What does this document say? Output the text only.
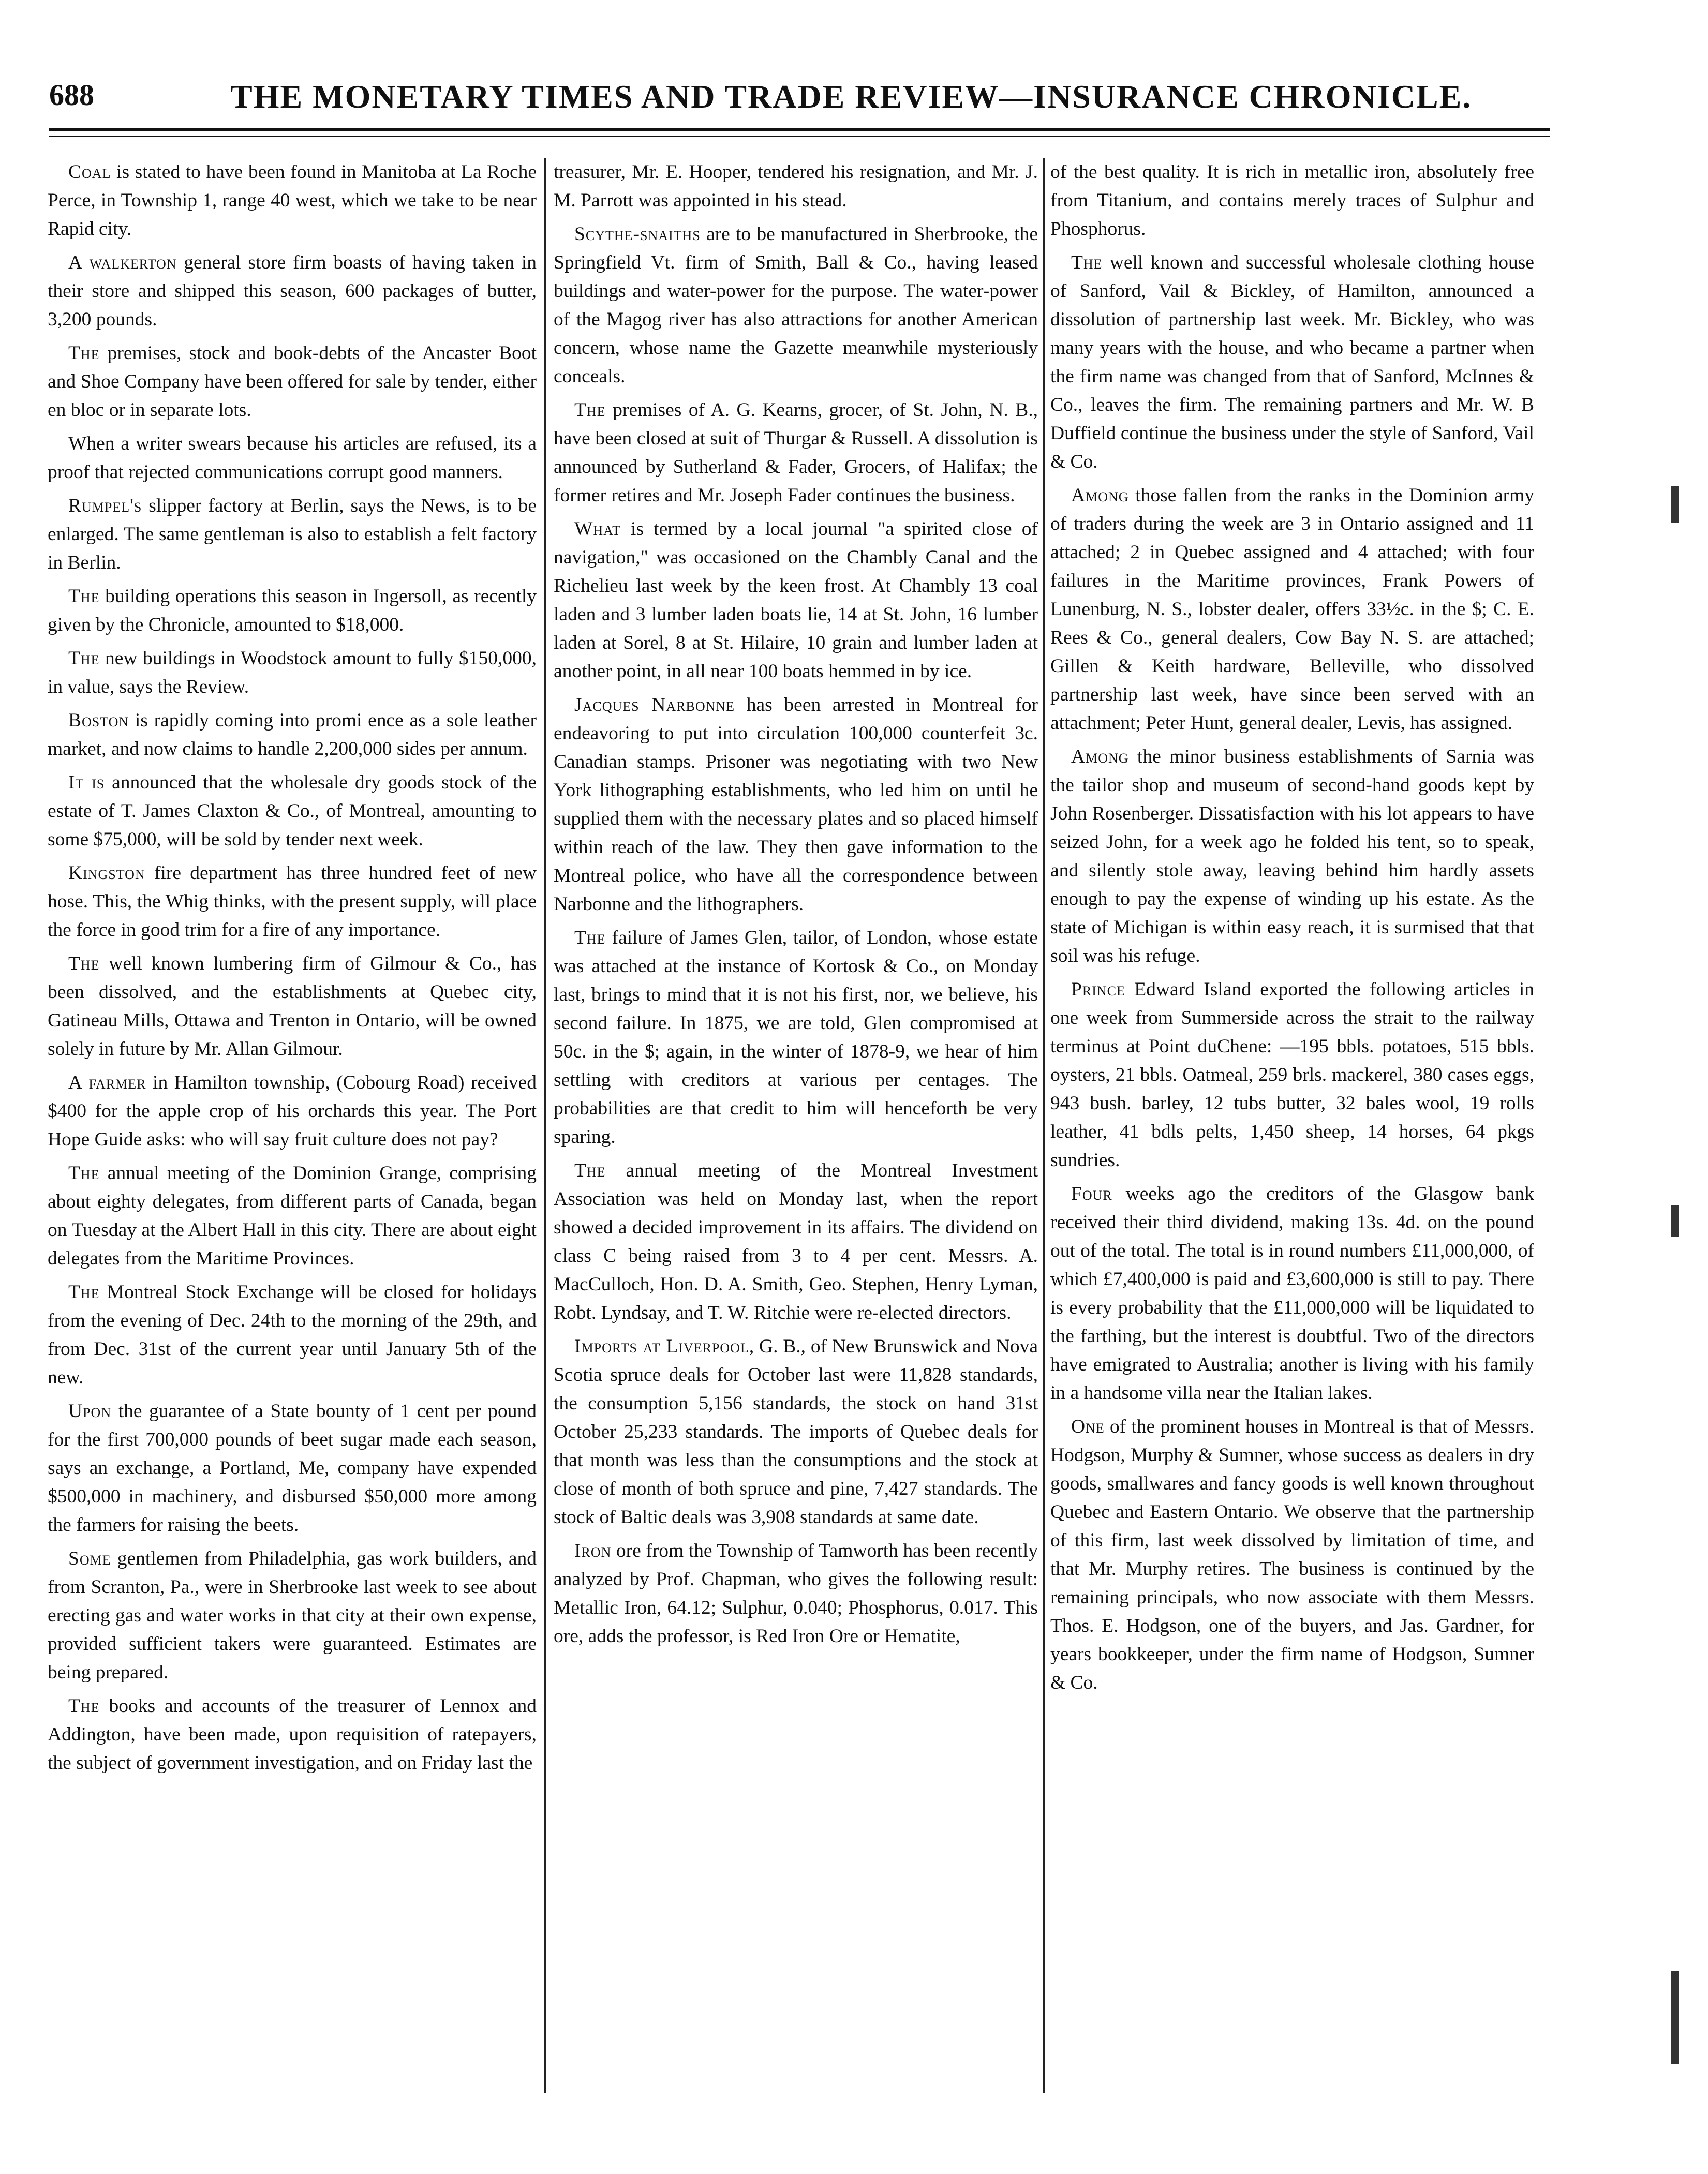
688	THE MONETARY TIMES AND TRADE REVIEW—INSURANCE CHRONICLE.

Coal is stated to have been found in Manitoba at La Roche Perce, in Township 1, range 40 west, which we take to be near Rapid city.

A walkerton general store firm boasts of having taken in their store and shipped this season, 600 packages of butter, 3,200 pounds.

The premises, stock and book-debts of the Ancaster Boot and Shoe Company have been offered for sale by tender, either en bloc or in separate lots.

When a writer swears because his articles are refused, its a proof that rejected communications corrupt good manners.

Rumpel's slipper factory at Berlin, says the News, is to be enlarged. The same gentleman is also to establish a felt factory in Berlin.

The building operations this season in Ingersoll, as recently given by the Chronicle, amounted to $18,000.

The new buildings in Woodstock amount to fully $150,000, in value, says the Review.

Boston is rapidly coming into promi ence as a sole leather market, and now claims to handle 2,200,000 sides per annum.

It is announced that the wholesale dry goods stock of the estate of T. James Claxton & Co., of Montreal, amounting to some $75,000, will be sold by tender next week.

Kingston fire department has three hundred feet of new hose. This, the Whig thinks, with the present supply, will place the force in good trim for a fire of any importance.

The well known lumbering firm of Gilmour & Co., has been dissolved, and the establishments at Quebec city, Gatineau Mills, Ottawa and Trenton in Ontario, will be owned solely in future by Mr. Allan Gilmour.

A farmer in Hamilton township, (Cobourg Road) received $400 for the apple crop of his orchards this year. The Port Hope Guide asks: who will say fruit culture does not pay?

The annual meeting of the Dominion Grange, comprising about eighty delegates, from different parts of Canada, began on Tuesday at the Albert Hall in this city. There are about eight delegates from the Maritime Provinces.

The Montreal Stock Exchange will be closed for holidays from the evening of Dec. 24th to the morning of the 29th, and from Dec. 31st of the current year until January 5th of the new.

Upon the guarantee of a State bounty of 1 cent per pound for the first 700,000 pounds of beet sugar made each season, says an exchange, a Portland, Me, company have expended $500,000 in machinery, and disbursed $50,000 more among the farmers for raising the beets.

Some gentlemen from Philadelphia, gas work builders, and from Scranton, Pa., were in Sherbrooke last week to see about erecting gas and water works in that city at their own expense, provided sufficient takers were guaranteed. Estimates are being prepared.

The books and accounts of the treasurer of Lennox and Addington, have been made, upon requisition of ratepayers, the subject of government investigation, and on Friday last the

treasurer, Mr. E. Hooper, tendered his resignation, and Mr. J. M. Parrott was appointed in his stead.

Scythe-snaiths are to be manufactured in Sherbrooke, the Springfield Vt. firm of Smith, Ball & Co., having leased buildings and water-power for the purpose. The water-power of the Magog river has also attractions for another American concern, whose name the Gazette meanwhile mysteriously conceals.

The premises of A. G. Kearns, grocer, of St. John, N. B., have been closed at suit of Thurgar & Russell. A dissolution is announced by Sutherland & Fader, Grocers, of Halifax; the former retires and Mr. Joseph Fader continues the business.

What is termed by a local journal "a spirited close of navigation," was occasioned on the Chambly Canal and the Richelieu last week by the keen frost. At Chambly 13 coal laden and 3 lumber laden boats lie, 14 at St. John, 16 lumber laden at Sorel, 8 at St. Hilaire, 10 grain and lumber laden at another point, in all near 100 boats hemmed in by ice.

Jacques Narbonne has been arrested in Montreal for endeavoring to put into circulation 100,000 counterfeit 3c. Canadian stamps. Prisoner was negotiating with two New York lithographing establishments, who led him on until he supplied them with the necessary plates and so placed himself within reach of the law. They then gave information to the Montreal police, who have all the correspondence between Narbonne and the lithographers.

The failure of James Glen, tailor, of London, whose estate was attached at the instance of Kortosk & Co., on Monday last, brings to mind that it is not his first, nor, we believe, his second failure. In 1875, we are told, Glen compromised at 50c. in the $; again, in the winter of 1878-9, we hear of him settling with creditors at various per centages. The probabilities are that credit to him will henceforth be very sparing.

The annual meeting of the Montreal Investment Association was held on Monday last, when the report showed a decided improvement in its affairs. The dividend on class C being raised from 3 to 4 per cent. Messrs. A. MacCulloch, Hon. D. A. Smith, Geo. Stephen, Henry Lyman, Robt. Lyndsay, and T. W. Ritchie were re-elected directors.

Imports at Liverpool, G. B., of New Brunswick and Nova Scotia spruce deals for October last were 11,828 standards, the consumption 5,156 standards, the stock on hand 31st October 25,233 standards. The imports of Quebec deals for that month was less than the consumptions and the stock at close of month of both spruce and pine, 7,427 standards. The stock of Baltic deals was 3,908 standards at same date.

Iron ore from the Township of Tamworth has been recently analyzed by Prof. Chapman, who gives the following result: Metallic Iron, 64.12; Sulphur, 0.040; Phosphorus, 0.017. This ore, adds the professor, is Red Iron Ore or Hematite,

of the best quality. It is rich in metallic iron, absolutely free from Titanium, and contains merely traces of Sulphur and Phosphorus.

The well known and successful wholesale clothing house of Sanford, Vail & Bickley, of Hamilton, announced a dissolution of partnership last week. Mr. Bickley, who was many years with the house, and who became a partner when the firm name was changed from that of Sanford, McInnes & Co., leaves the firm. The remaining partners and Mr. W. B Duffield continue the business under the style of Sanford, Vail & Co.

Among those fallen from the ranks in the Dominion army of traders during the week are 3 in Ontario assigned and 11 attached; 2 in Quebec assigned and 4 attached; with four failures in the Maritime provinces, Frank Powers of Lunenburg, N. S., lobster dealer, offers 33½c. in the $; C. E. Rees & Co., general dealers, Cow Bay N. S. are attached; Gillen & Keith hardware, Belleville, who dissolved partnership last week, have since been served with an attachment; Peter Hunt, general dealer, Levis, has assigned.

Among the minor business establishments of Sarnia was the tailor shop and museum of second-hand goods kept by John Rosenberger. Dissatisfaction with his lot appears to have seized John, for a week ago he folded his tent, so to speak, and silently stole away, leaving behind him hardly assets enough to pay the expense of winding up his estate. As the state of Michigan is within easy reach, it is surmised that that soil was his refuge.

Prince Edward Island exported the following articles in one week from Summerside across the strait to the railway terminus at Point duChene: —195 bbls. potatoes, 515 bbls. oysters, 21 bbls. Oatmeal, 259 brls. mackerel, 380 cases eggs, 943 bush. barley, 12 tubs butter, 32 bales wool, 19 rolls leather, 41 bdls pelts, 1,450 sheep, 14 horses, 64 pkgs sundries.

Four weeks ago the creditors of the Glasgow bank received their third dividend, making 13s. 4d. on the pound out of the total. The total is in round numbers £11,000,000, of which £7,400,000 is paid and £3,600,000 is still to pay. There is every probability that the £11,000,000 will be liquidated to the farthing, but the interest is doubtful. Two of the directors have emigrated to Australia; another is living with his family in a handsome villa near the Italian lakes.

One of the prominent houses in Montreal is that of Messrs. Hodgson, Murphy & Sumner, whose success as dealers in dry goods, smallwares and fancy goods is well known throughout Quebec and Eastern Ontario. We observe that the partnership of this firm, last week dissolved by limitation of time, and that Mr. Murphy retires. The business is continued by the remaining principals, who now associate with them Messrs. Thos. E. Hodgson, one of the buyers, and Jas. Gardner, for years bookkeeper, under the firm name of Hodgson, Sumner & Co.
